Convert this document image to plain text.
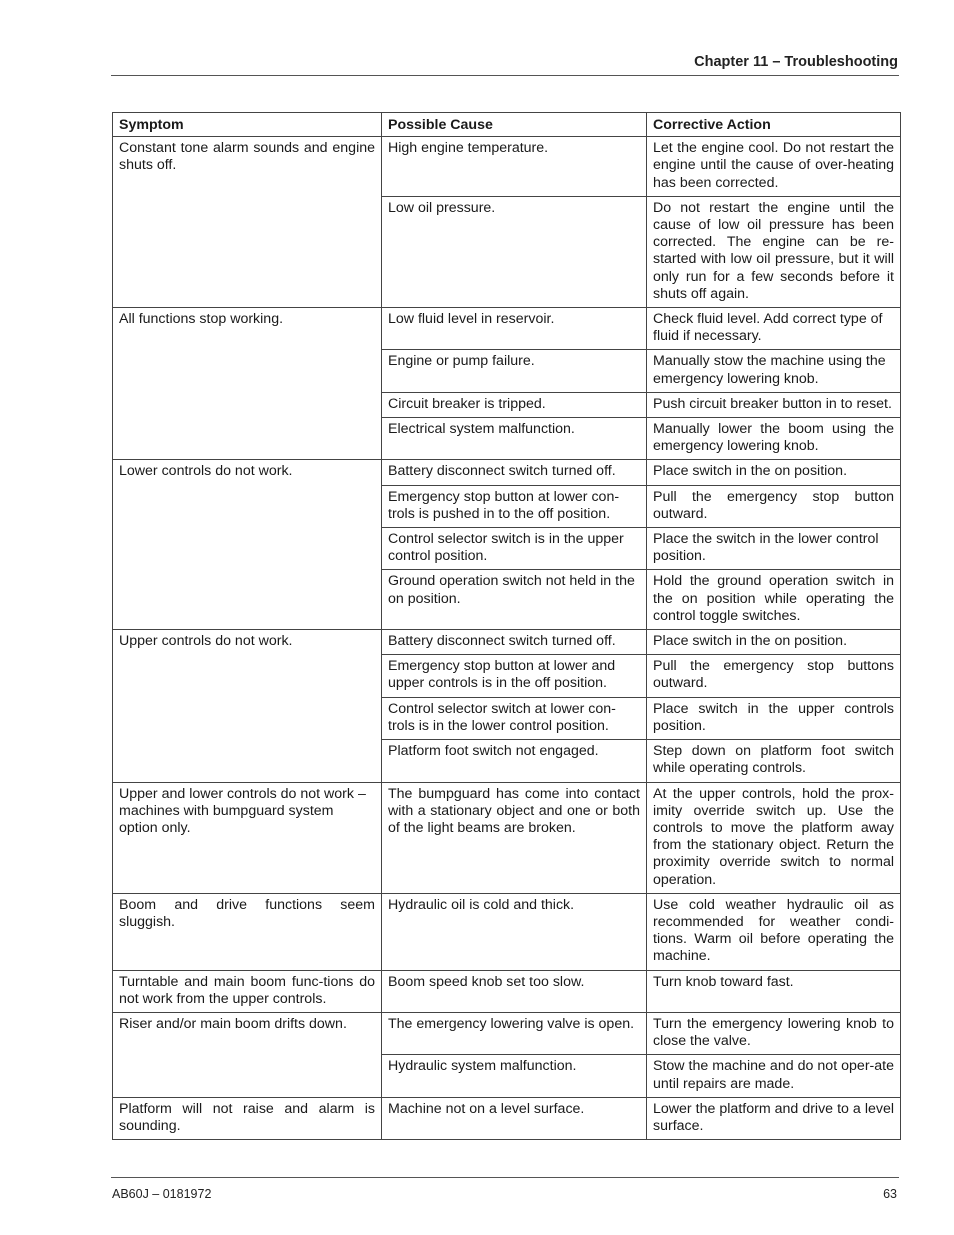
Chapter 11 – Troubleshooting
Symptom	Possible Cause	Corrective Action
Constant tone alarm sounds and engine shuts off.	High engine temperature.	Let the engine cool. Do not restart the engine until the cause of over-heating has been corrected.
	Low oil pressure.	Do not restart the engine until the cause of low oil pressure has been corrected. The engine can be re-started with low oil pressure, but it will only run for a few seconds before it shuts off again.
All functions stop working.	Low fluid level in reservoir.	Check fluid level. Add correct type of fluid if necessary.
	Engine or pump failure.	Manually stow the machine using the emergency lowering knob.
	Circuit breaker is tripped.	Push circuit breaker button in to reset.
	Electrical system malfunction.	Manually lower the boom using the emergency lowering knob.
Lower controls do not work.	Battery disconnect switch turned off.	Place switch in the on position.
	Emergency stop button at lower con-trols is pushed in to the off position.	Pull the emergency stop button outward.
	Control selector switch is in the upper control position.	Place the switch in the lower control position.
	Ground operation switch not held in the on position.	Hold the ground operation switch in the on position while operating the control toggle switches.
Upper controls do not work.	Battery disconnect switch turned off.	Place switch in the on position.
	Emergency stop button at lower and upper controls is in the off position.	Pull the emergency stop buttons outward.
	Control selector switch at lower con-trols is in the lower control position.	Place switch in the upper controls position.
	Platform foot switch not engaged.	Step down on platform foot switch while operating controls.
Upper and lower controls do not work – machines with bumpguard system option only.	The bumpguard has come into contact with a stationary object and one or both of the light beams are broken.	At the upper controls, hold the prox-imity override switch up. Use the controls to move the platform away from the stationary object. Return the proximity override switch to normal operation.
Boom and drive functions seem sluggish.	Hydraulic oil is cold and thick.	Use cold weather hydraulic oil as recommended for weather condi-tions. Warm oil before operating the machine.
Turntable and main boom func-tions do not work from the upper controls.	Boom speed knob set too slow.	Turn knob toward fast.
Riser and/or main boom drifts down.	The emergency lowering valve is open.	Turn the emergency lowering knob to close the valve.
	Hydraulic system malfunction.	Stow the machine and do not oper-ate until repairs are made.
Platform will not raise and alarm is sounding.	Machine not on a level surface.	Lower the platform and drive to a level surface.
AB60J – 0181972	63
